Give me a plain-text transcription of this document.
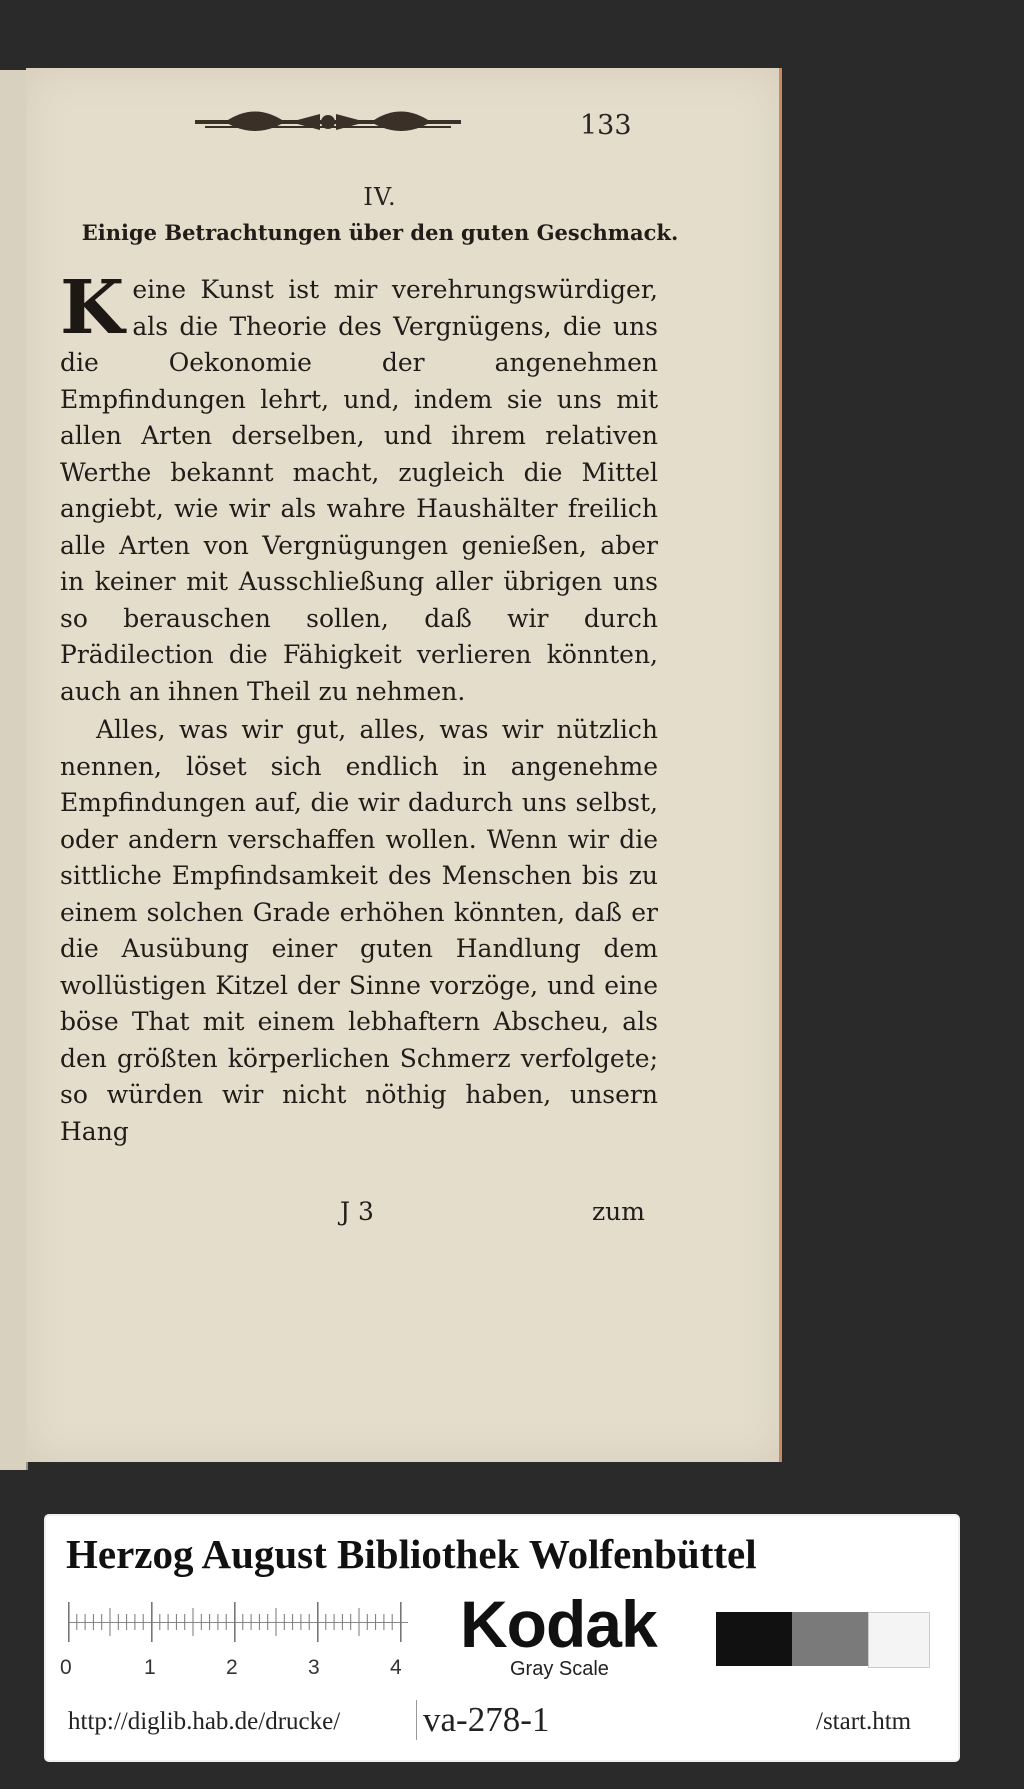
133
IV.
Einige Betrachtungen über den guten Geschmack.

Keine Kunst ist mir verehrungswürdiger, als die Theorie des Vergnügens, die uns die Oekonomie der angenehmen Empfindungen lehrt, und, indem sie uns mit allen Arten derselben, und ihrem relativen Werthe bekannt macht, zugleich die Mittel angiebt, wie wir als wahre Haushälter freilich alle Arten von Vergnügungen genießen, aber in keiner mit Ausschließung aller übrigen uns so berauschen sollen, daß wir durch Prädilection die Fähigkeit verlieren könnten, auch an ihnen Theil zu nehmen.

Alles, was wir gut, alles, was wir nützlich nennen, löset sich endlich in angenehme Empfindungen auf, die wir dadurch uns selbst, oder andern verschaffen wollen. Wenn wir die sittliche Empfindsamkeit des Menschen bis zu einem solchen Grade erhöhen könnten, daß er die Ausübung einer guten Handlung dem wollüstigen Kitzel der Sinne vorzöge, und eine böse That mit einem lebhaftern Abscheu, als den größten körperlichen Schmerz verfolgete; so würden wir nicht nöthig haben, unsern Hang

J 3	zum
Herzog August Bibliothek Wolfenbüttel
0	1	2	3	4
Kodak
Gray Scale
http://diglib.hab.de/drucke/ va-278-1	/start.htm
